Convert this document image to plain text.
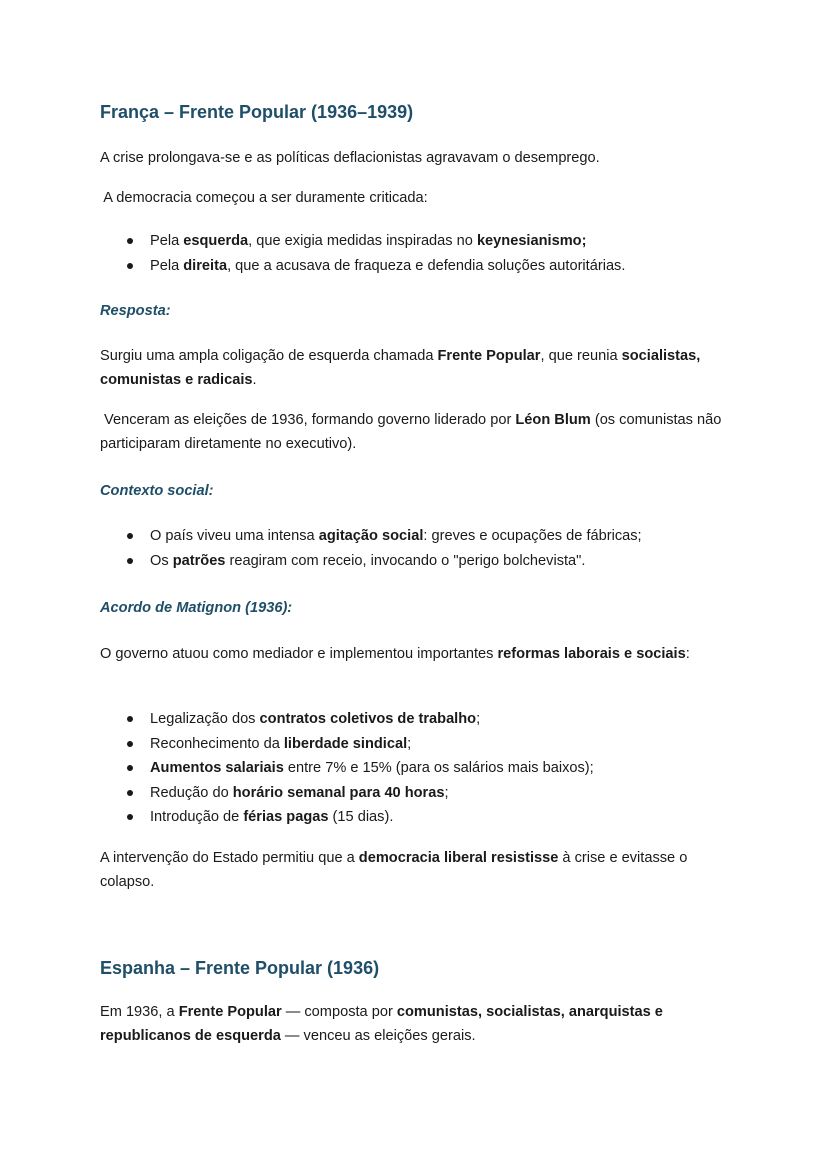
França – Frente Popular (1936–1939)

A crise prolongava-se e as políticas deflacionistas agravavam o desemprego.

A democracia começou a ser duramente criticada:

Pela esquerda, que exigia medidas inspiradas no keynesianismo;
Pela direita, que a acusava de fraqueza e defendia soluções autoritárias.
Resposta:

Surgiu uma ampla coligação de esquerda chamada Frente Popular, que reunia socialistas, comunistas e radicais.

Venceram as eleições de 1936, formando governo liderado por Léon Blum (os comunistas não participaram diretamente no executivo).

Contexto social:
O país viveu uma intensa agitação social: greves e ocupações de fábricas;
Os patrões reagiram com receio, invocando o "perigo bolchevista".
Acordo de Matignon (1936):

O governo atuou como mediador e implementou importantes reformas laborais e sociais:

Legalização dos contratos coletivos de trabalho;
Reconhecimento da liberdade sindical;
Aumentos salariais entre 7% e 15% (para os salários mais baixos);
Redução do horário semanal para 40 horas;
Introdução de férias pagas (15 dias).

A intervenção do Estado permitiu que a democracia liberal resistisse à crise e evitasse o colapso.

Espanha – Frente Popular (1936)

Em 1936, a Frente Popular — composta por comunistas, socialistas, anarquistas e republicanos de esquerda — venceu as eleições gerais.
